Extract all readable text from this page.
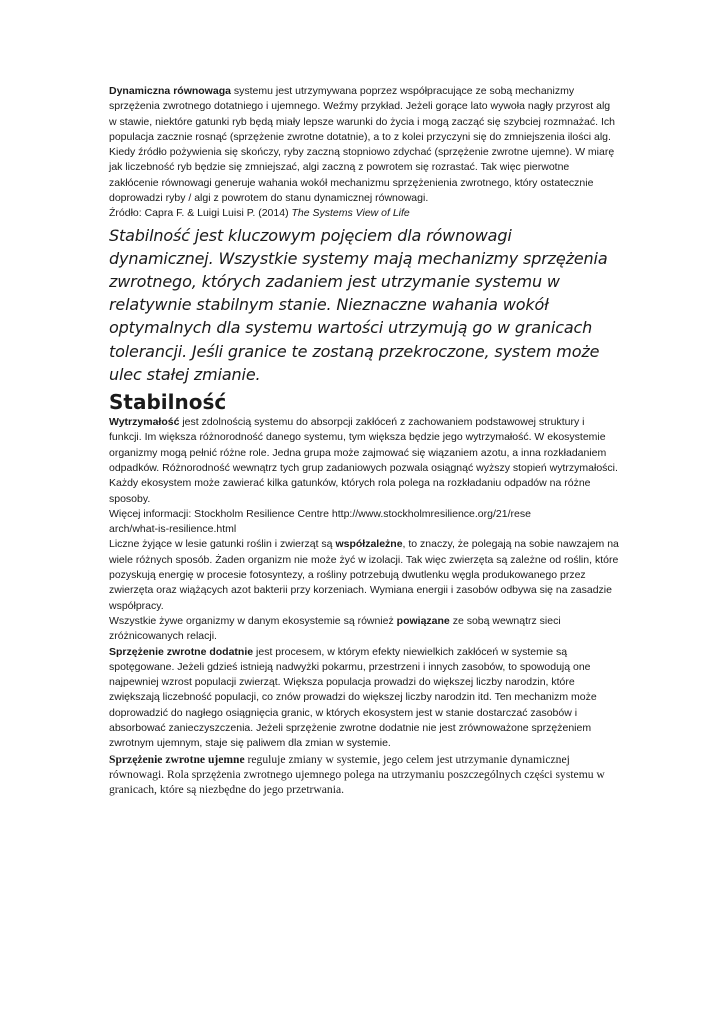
Dynamiczna równowaga systemu jest utrzymywana poprzez współpracujące ze sobą mechanizmy sprzężenia zwrotnego dotatniego i ujemnego. Weźmy przykład. Jeżeli gorące lato wywoła nagły przyrost alg w stawie, niektóre gatunki ryb będą miały lepsze warunki do życia i mogą zacząć się szybciej rozmnażać. Ich populacja zacznie rosnąć (sprzężenie zwrotne dotatnie), a to z kolei przyczyni się do zmniejszenia ilości alg. Kiedy źródło pożywienia się skończy, ryby zaczną stopniowo zdychać (sprzężenie zwrotne ujemne). W miarę jak liczebność ryb będzie się zmniejszać, algi zaczną z powrotem się rozrastać. Tak więc pierwotne zakłócenie równowagi generuje wahania wokół mechanizmu sprzężenienia zwrotnego, który ostatecznie doprowadzi ryby / algi z powrotem do stanu dynamicznej równowagi.

Źródło: Capra F. & Luigi Luisi P. (2014) The Systems View of Life

Stabilność jest kluczowym pojęciem dla równowagi dynamicznej. Wszystkie systemy mają mechanizmy sprzężenia zwrotnego, których zadaniem jest utrzymanie systemu w relatywnie stabilnym stanie. Nieznaczne wahania wokół optymalnych dla systemu wartości utrzymują go w granicach tolerancji. Jeśli granice te zostaną przekroczone, system może ulec stałej zmianie.

Stabilność

Wytrzymałość jest zdolnością systemu do absorpcji zakłóceń z zachowaniem podstawowej struktury i funkcji. Im większa różnorodność danego systemu, tym większa będzie jego wytrzymałość. W ekosystemie organizmy mogą pełnić różne role. Jedna grupa może zajmować się wiązaniem azotu, a inna rozkładaniem odpadków. Różnorodność wewnątrz tych grup zadaniowych pozwala osiągnąć wyższy stopień wytrzymałości. Każdy ekosystem może zawierać kilka gatunków, których rola polega na rozkładaniu odpadów na różne sposoby.

Więcej informacji: Stockholm Resilience Centre http://www.stockholmresilience.org/21/rese
arch/what-is-resilience.html

Liczne żyjące w lesie gatunki roślin i zwierząt są współzależne, to znaczy, że polegają na sobie nawzajem na wiele różnych sposób. Żaden organizm nie może żyć w izolacji. Tak więc zwierzęta są zależne od roślin, które pozyskują energię w procesie fotosyntezy, a rośliny potrzebują dwutlenku węgla produkowanego przez zwierzęta oraz wiążących azot bakterii przy korzeniach. Wymiana energii i zasobów odbywa się na zasadzie współpracy.

Wszystkie żywe organizmy w danym ekosystemie są również powiązane ze sobą wewnątrz sieci zróżnicowanych relacji.

Sprzężenie zwrotne dodatnie jest procesem, w którym efekty niewielkich zakłóceń w systemie są spotęgowane. Jeżeli gdzieś istnieją nadwyżki pokarmu, przestrzeni i innych zasobów, to spowodują one najpewniej wzrost populacji zwierząt. Większa populacja prowadzi do większej liczby narodzin, które zwiększają liczebność populacji, co znów prowadzi do większej liczby narodzin itd. Ten mechanizm może doprowadzić do nagłego osiągnięcia granic, w których ekosystem jest w stanie dostarczać zasobów i absorbować zanieczyszczenia. Jeżeli sprzężenie zwrotne dodatnie nie jest zrównoważone sprzężeniem zwrotnym ujemnym, staje się paliwem dla zmian w systemie.

Sprzężenie zwrotne ujemne reguluje zmiany w systemie, jego celem jest utrzymanie dynamicznej równowagi. Rola sprzężenia zwrotnego ujemnego polega na utrzymaniu poszczególnych części systemu w granicach, które są niezbędne do jego przetrwania.
